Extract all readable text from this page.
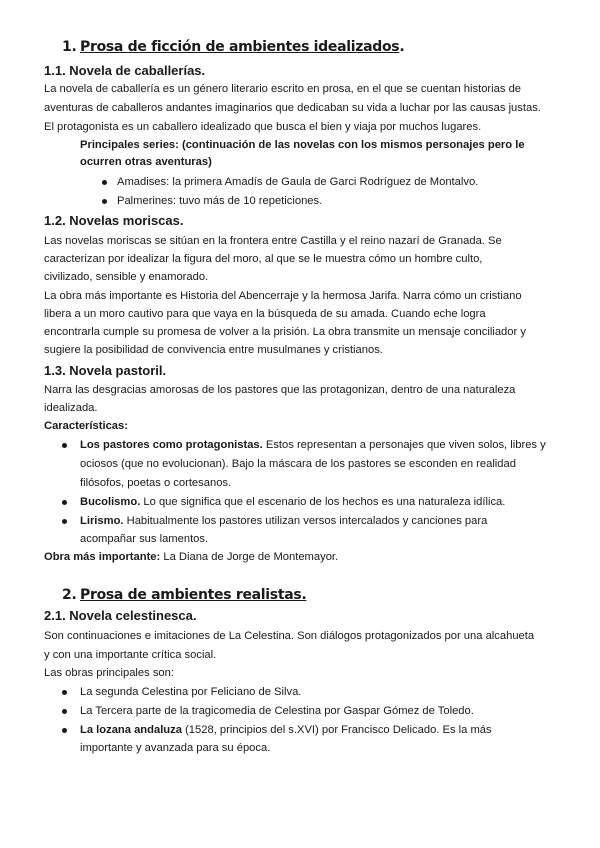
1. Prosa de ficción de ambientes idealizados.
1.1. Novela de caballerías.
La novela de caballería es un género literario escrito en prosa, en el que se cuentan historias de
aventuras de caballeros andantes imaginarios que dedicaban su vida a luchar por las causas justas.
El protagonista es un caballero idealizado que busca el bien y viaja por muchos lugares.
Principales series: (continuación de las novelas con los mismos personajes pero le
ocurren otras aventuras)
Amadises: la primera Amadís de Gaula de Garci Rodríguez de Montalvo.
Palmerines: tuvo más de 10 repeticiones.
1.2. Novelas moriscas.
Las novelas moriscas se sitúan en la frontera entre Castilla y el reino nazarí de Granada. Se
caracterizan por idealizar la figura del moro, al que se le muestra cómo un hombre culto,
civilizado, sensible y enamorado.
La obra más importante es Historia del Abencerraje y la hermosa Jarifa. Narra cómo un cristiano
libera a un moro cautivo para que vaya en la búsqueda de su amada. Cuando eche logra
encontrarla cumple su promesa de volver a la prisión. La obra transmite un mensaje conciliador y
sugiere la posibilidad de convivencia entre musulmanes y cristianos.
1.3. Novela pastoril.
Narra las desgracias amorosas de los pastores que las protagonizan, dentro de una naturaleza
idealizada.
Características:
Los pastores como protagonistas. Estos representan a personajes que viven solos, libres y
ociosos (que no evolucionan). Bajo la máscara de los pastores se esconden en realidad
filósofos, poetas o cortesanos.
Bucolismo. Lo que significa que el escenario de los hechos es una naturaleza idílica.
Lirismo. Habitualmente los pastores utilizan versos intercalados y canciones para
acompañar sus lamentos.
Obra más importante: La Diana de Jorge de Montemayor.
2. Prosa de ambientes realistas.
2.1. Novela celestinesca.
Son continuaciones e imitaciones de La Celestina. Son diálogos protagonizados por una alcahueta
y con una importante crítica social.
Las obras principales son:
La segunda Celestina por Feliciano de Silva.
La Tercera parte de la tragicomedia de Celestina por Gaspar Gómez de Toledo.
La lozana andaluza (1528, principios del s.XVI) por Francisco Delicado. Es la más
importante y avanzada para su época.
